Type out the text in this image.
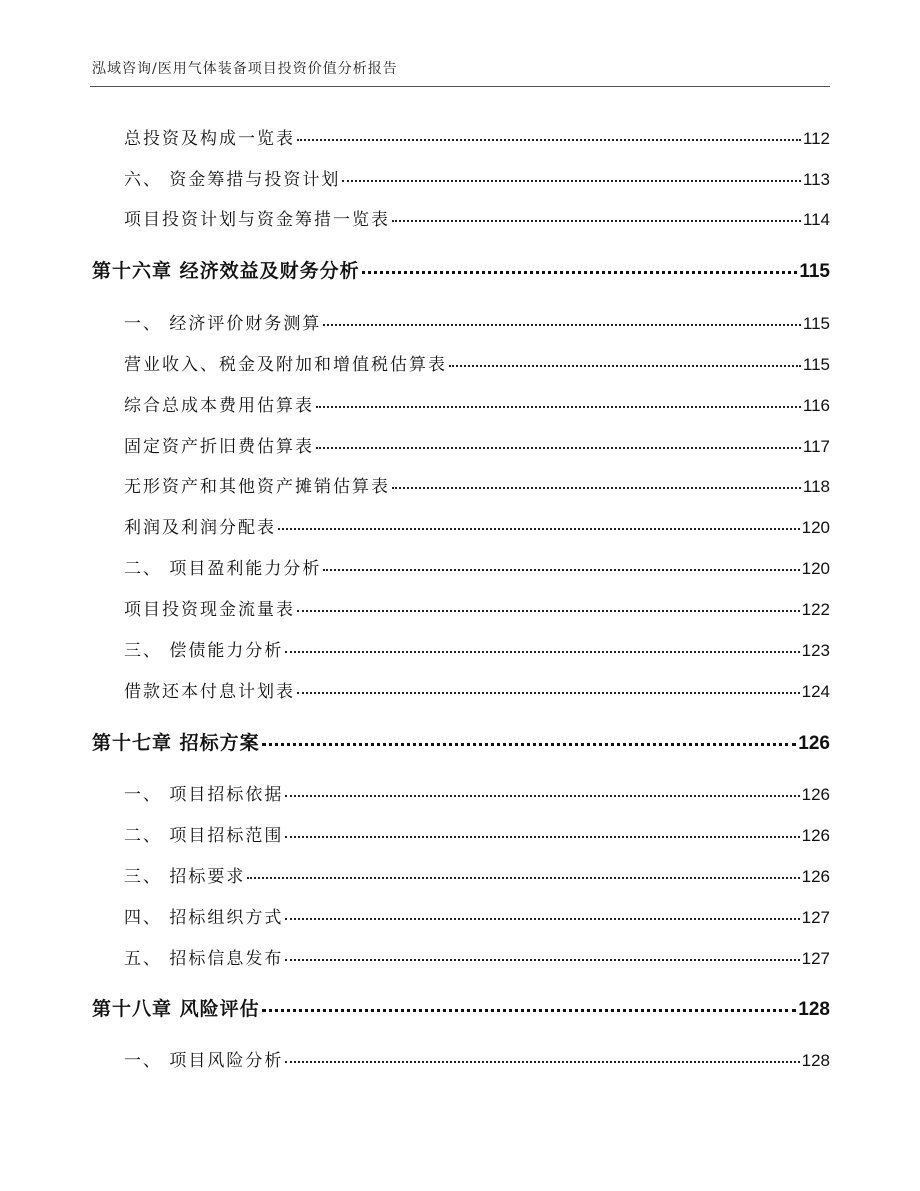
泓域咨询/医用气体装备项目投资价值分析报告
总投资及构成一览表	112
六、 资金筹措与投资计划	113
项目投资计划与资金筹措一览表	114
第十六章 经济效益及财务分析	115
一、 经济评价财务测算	115
营业收入、税金及附加和增值税估算表	115
综合总成本费用估算表	116
固定资产折旧费估算表	117
无形资产和其他资产摊销估算表	118
利润及利润分配表	120
二、 项目盈利能力分析	120
项目投资现金流量表	122
三、 偿债能力分析	123
借款还本付息计划表	124
第十七章 招标方案	126
一、 项目招标依据	126
二、 项目招标范围	126
三、 招标要求	126
四、 招标组织方式	127
五、 招标信息发布	127
第十八章 风险评估	128
一、 项目风险分析	128
